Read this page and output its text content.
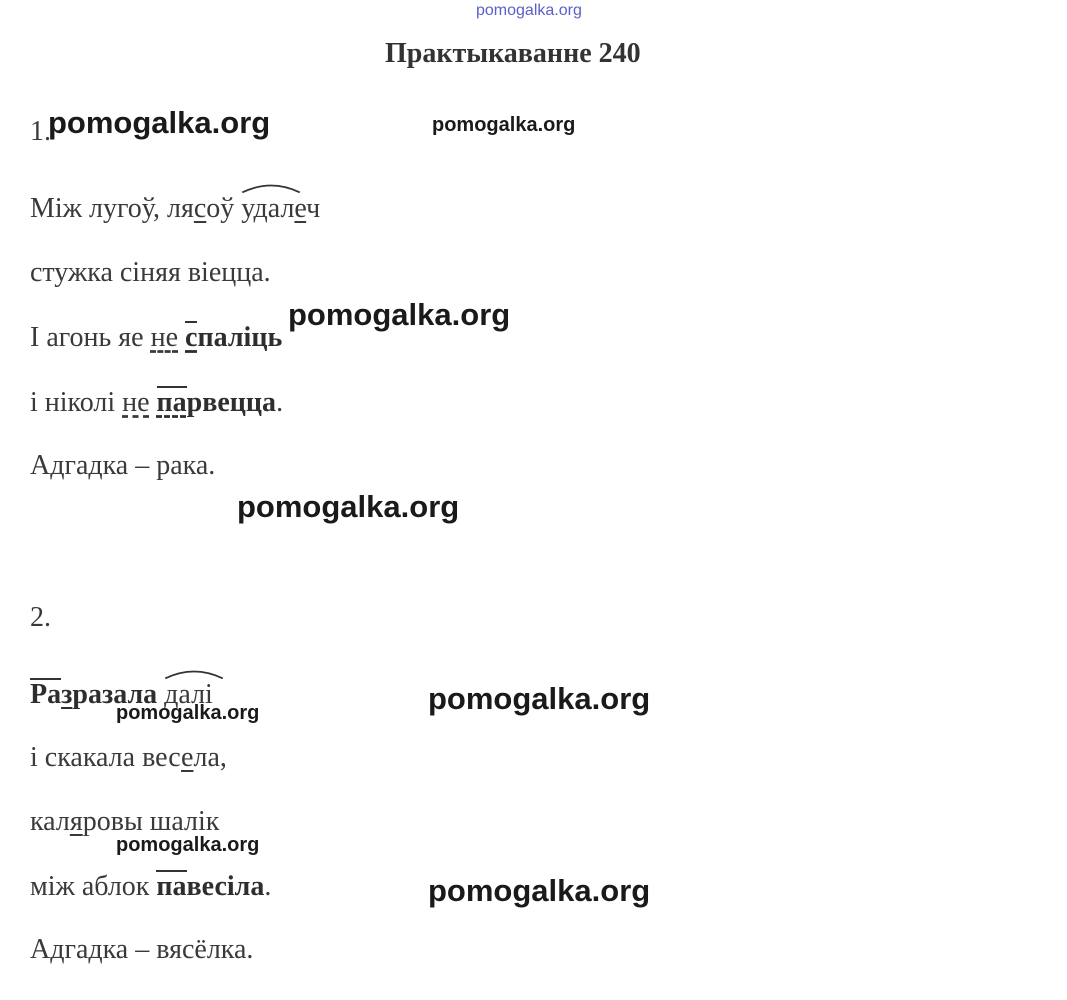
pomogalka.org
Практыкаванне 240
1.
Між лугоў, лясоў
удалеч
стужка сіняя віецца.
І агонь яе не спаліць
і ніколі не парвецца.
Адгадка – рака.
2.
Разразала далі
і скакала весела,
каляровы шалік
між аблок павесіла.
Адгадка – вясёлка.
pomogalka.org	pomogalka.org
pomogalka.org
pomogalka.org
pomogalka.org
pomogalka.org
pomogalka.org
pomogalka.org
